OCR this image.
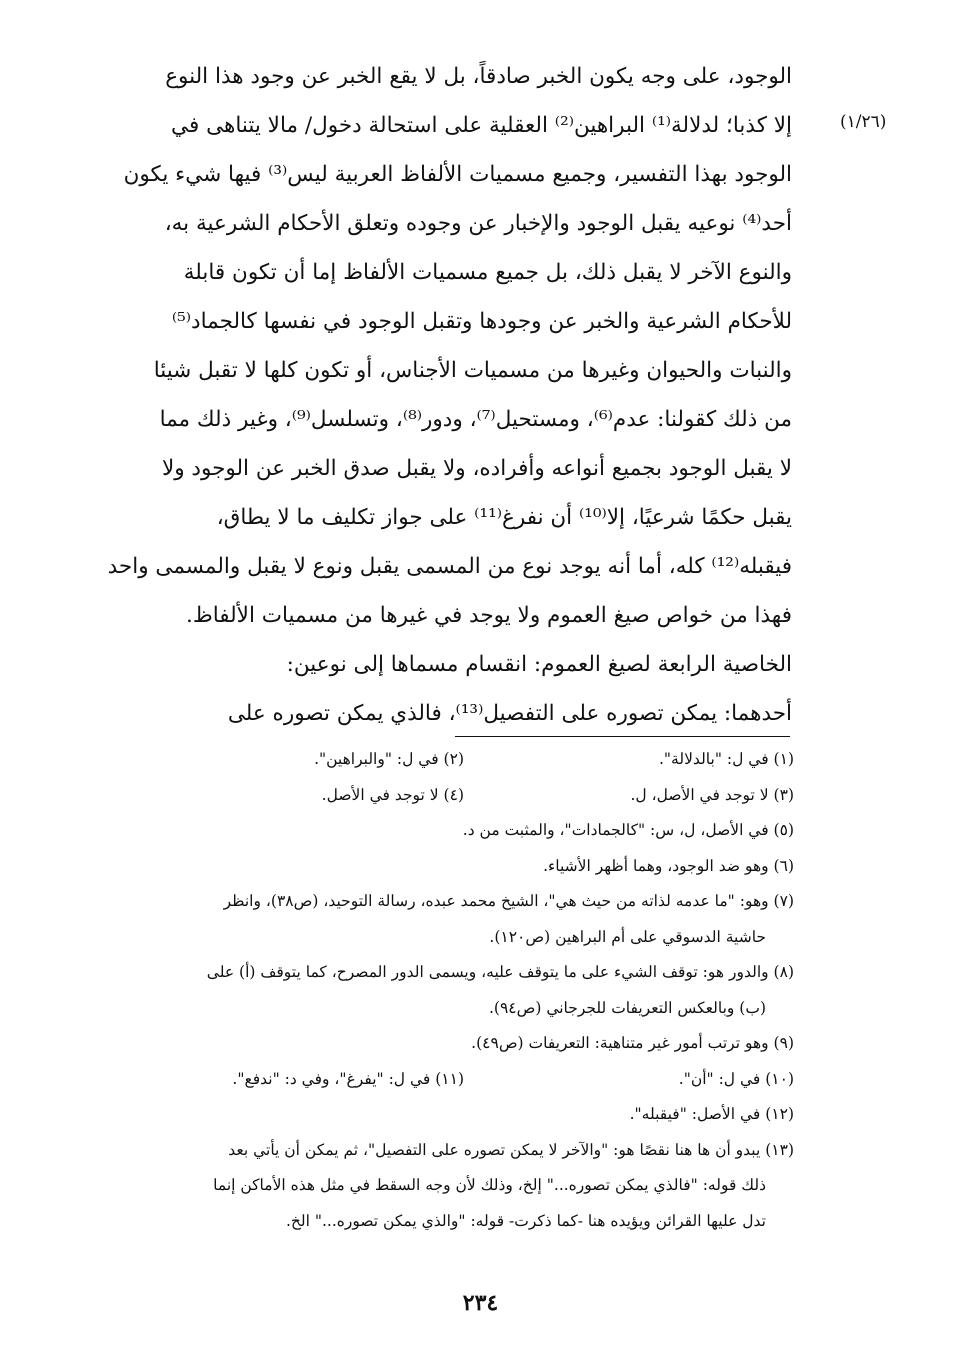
(١/٢٦)
الوجود، على وجه يكون الخبر صادقاً، بل لا يقع الخبر عن وجود هذا النوع
إلا كذبا؛ لدلالة⁽¹⁾ البراهين⁽²⁾ العقلية على استحالة دخول/ مالا يتناهى في
الوجود بهذا التفسير، وجميع مسميات الألفاظ العربية ليس⁽³⁾ فيها شيء يكون
أحد⁽⁴⁾ نوعيه يقبل الوجود والإخبار عن وجوده وتعلق الأحكام الشرعية به،
والنوع الآخر لا يقبل ذلك، بل جميع مسميات الألفاظ إما أن تكون قابلة
للأحكام الشرعية والخبر عن وجودها وتقبل الوجود في نفسها كالجماد⁽⁵⁾
والنبات والحيوان وغيرها من مسميات الأجناس، أو تكون كلها لا تقبل شيئا
من ذلك كقولنا: عدم⁽⁶⁾، ومستحيل⁽⁷⁾، ودور⁽⁸⁾، وتسلسل⁽⁹⁾، وغير ذلك مما
لا يقبل الوجود بجميع أنواعه وأفراده، ولا يقبل صدق الخبر عن الوجود ولا
يقبل حكمًا شرعيًا، إلا⁽¹⁰⁾ أن نفرغ⁽¹¹⁾ على جواز تكليف ما لا يطاق،
فيقبله⁽¹²⁾ كله، أما أنه يوجد نوع من المسمى يقبل ونوع لا يقبل والمسمى واحد
فهذا من خواص صيغ العموم ولا يوجد في غيرها من مسميات الألفاظ.
الخاصية الرابعة لصيغ العموم: انقسام مسماها إلى نوعين:
أحدهما: يمكن تصوره على التفصيل⁽¹³⁾، فالذي يمكن تصوره على
(١) في ل: "بالدلالة".
(٢) في ل: "والبراهين".
(٣) لا توجد في الأصل، ل.
(٤) لا توجد في الأصل.
(٥) في الأصل، ل، س: "كالجمادات"، والمثبت من د.
(٦) وهو ضد الوجود، وهما أظهر الأشياء.
(٧) وهو: "ما عدمه لذاته من حيث هي"، الشيخ محمد عبده، رسالة التوحيد، (ص٣٨)، وانظر
حاشية الدسوقي على أم البراهين (ص١٢٠).
(٨) والدور هو: توقف الشيء على ما يتوقف عليه، ويسمى الدور المصرح، كما يتوقف (أ) على
(ب) وبالعكس التعريفات للجرجاني (ص٩٤).
(٩) وهو ترتب أمور غير متناهية: التعريفات (ص٤٩).
(١٠) في ل: "أن".
(١١) في ل: "يفرغ"، وفي د: "ندفع".
(١٢) في الأصل: "فيقبله".
(١٣) يبدو أن ها هنا نقصًا هو: "والآخر لا يمكن تصوره على التفصيل"، ثم يمكن أن يأتي بعد
ذلك قوله: "فالذي يمكن تصوره..." إلخ، وذلك لأن وجه السقط في مثل هذه الأماكن إنما
تدل عليها القرائن ويؤيده هنا -كما ذكرت- قوله: "والذي يمكن تصوره..." الخ.
٢٣٤
